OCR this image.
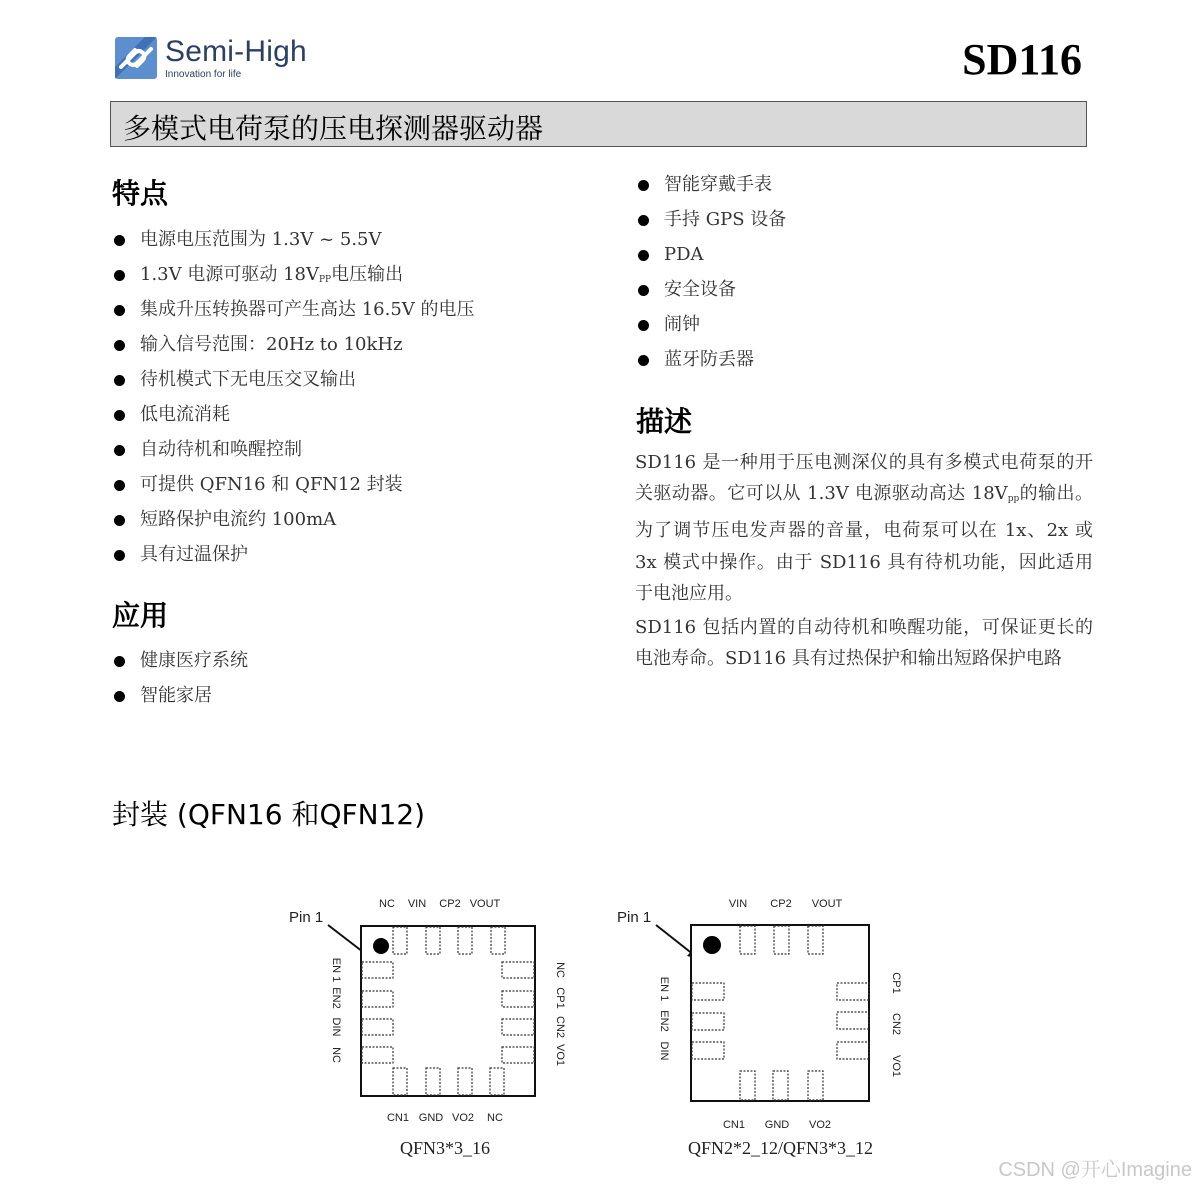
Semi-High
Innovation for life	SD116
多模式电荷泵的压电探测器驱动器
特点
电源电压范围为 1.3V ~ 5.5V
1.3V 电源可驱动 $18V_{PP}$电压输出
集成升压转换器可产生高达 16.5V 的电压
输入信号范围：20Hz to 10kHz
待机模式下无电压交叉输出
低电流消耗
自动待机和唤醒控制
可提供 QFN16 和 QFN12 封装
短路保护电流约 100mA
具有过温保护
应用
健康医疗系统
智能家居
智能穿戴手表
手持 GPS 设备
PDA
安全设备
闹钟
蓝牙防丢器
描述

SD116 是一种用于压电测深仪的具有多模式电荷泵的开关驱动器。它可以从 1.3V 电源驱动高达 $18V_{pp}$的输出。为了调节压电发声器的音量，电荷泵可以在 1x、2x 或 3x 模式中操作。由于 SD116 具有待机功能，因此适用于电池应用。

SD116 包括内置的自动待机和唤醒功能，可保证更长的电池寿命。SD116 具有过热保护和输出短路保护电路

封装 (QFN16 和QFN12)
Pin 1
NC VIN CP2 VOUT
CN1 GND VO2 NC
EN 1
EN2
DIN
NC
NC
CP1
CN2
VO1
QFN3*3_16
Pin 1
VIN CP2 VOUT
CN1 GND VO2
EN 1
EN2
DIN
CP1
CN2
VO1
QFN2*2_12/QFN3*3_12
CSDN @开心Imagine
